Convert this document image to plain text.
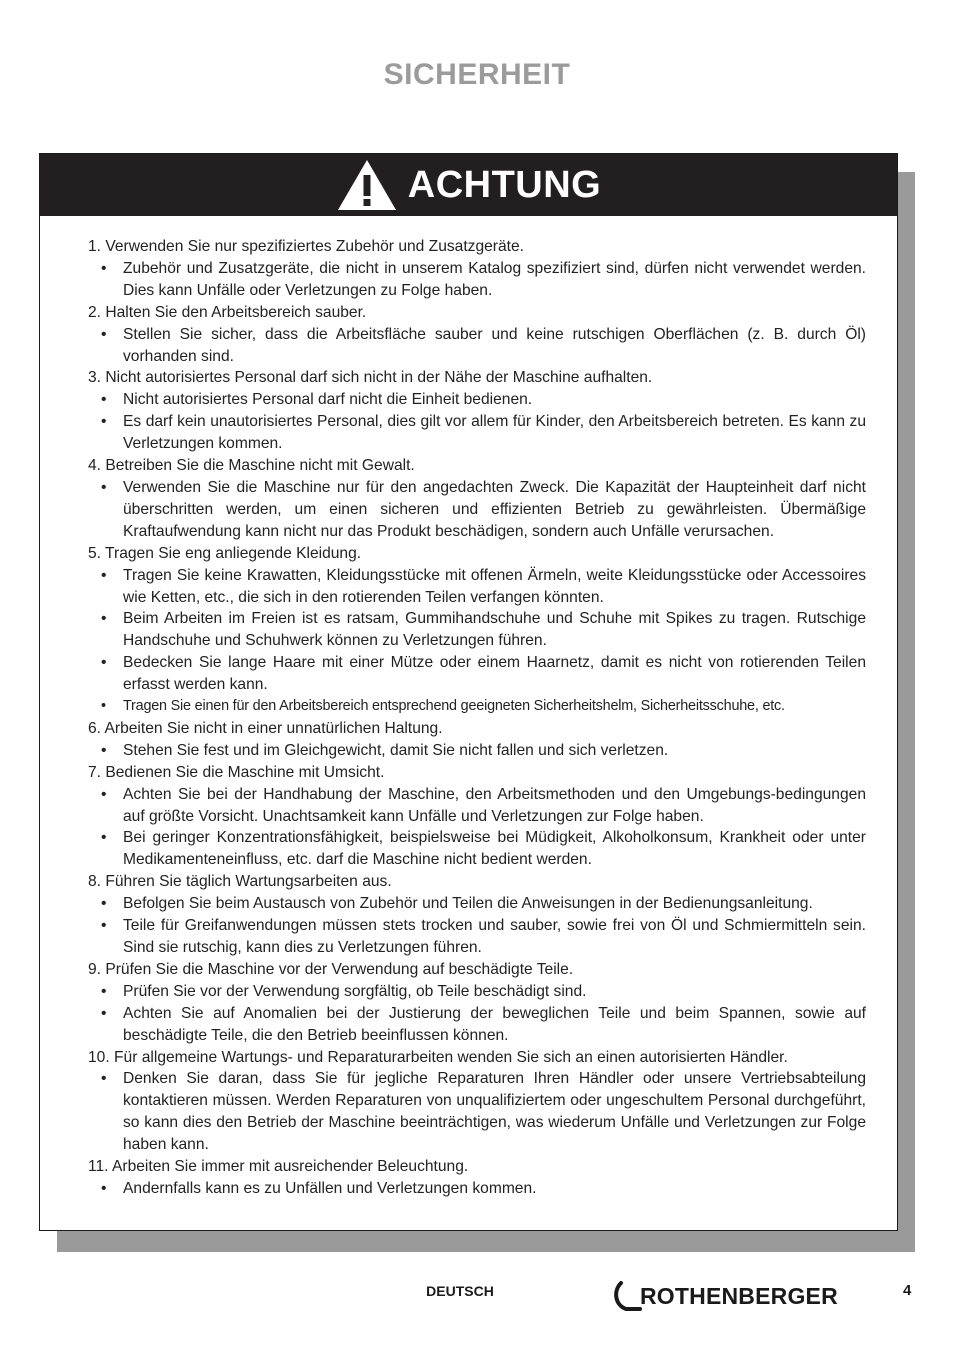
SICHERHEIT
ACHTUNG
1. Verwenden Sie nur spezifiziertes Zubehör und Zusatzgeräte.
• Zubehör und Zusatzgeräte, die nicht in unserem Katalog spezifiziert sind, dürfen nicht verwendet werden. Dies kann Unfälle oder Verletzungen zu Folge haben.
2. Halten Sie den Arbeitsbereich sauber.
• Stellen Sie sicher, dass die Arbeitsfläche sauber und keine rutschigen Oberflächen (z. B. durch Öl) vorhanden sind.
3. Nicht autorisiertes Personal darf sich nicht in der Nähe der Maschine aufhalten.
• Nicht autorisiertes Personal darf nicht die Einheit bedienen.
• Es darf kein unautorisiertes Personal, dies gilt vor allem für Kinder, den Arbeitsbereich betreten. Es kann zu Verletzungen kommen.
4. Betreiben Sie die Maschine nicht mit Gewalt.
• Verwenden Sie die Maschine nur für den angedachten Zweck. Die Kapazität der Haupteinheit darf nicht überschritten werden, um einen sicheren und effizienten Betrieb zu gewährleisten. Übermäßige Kraftaufwendung kann nicht nur das Produkt beschädigen, sondern auch Unfälle verursachen.
5. Tragen Sie eng anliegende Kleidung.
• Tragen Sie keine Krawatten, Kleidungsstücke mit offenen Ärmeln, weite Kleidungsstücke oder Accessoires wie Ketten, etc., die sich in den rotierenden Teilen verfangen könnten.
• Beim Arbeiten im Freien ist es ratsam, Gummihandschuhe und Schuhe mit Spikes zu tragen. Rutschige Handschuhe und Schuhwerk können zu Verletzungen führen.
• Bedecken Sie lange Haare mit einer Mütze oder einem Haarnetz, damit es nicht von rotierenden Teilen erfasst werden kann.
• Tragen Sie einen für den Arbeitsbereich entsprechend geeigneten Sicherheitshelm, Sicherheitsschuhe, etc.
6. Arbeiten Sie nicht in einer unnatürlichen Haltung.
• Stehen Sie fest und im Gleichgewicht, damit Sie nicht fallen und sich verletzen.
7. Bedienen Sie die Maschine mit Umsicht.
• Achten Sie bei der Handhabung der Maschine, den Arbeitsmethoden und den Umgebungs-bedingungen auf größte Vorsicht. Unachtsamkeit kann Unfälle und Verletzungen zur Folge haben.
• Bei geringer Konzentrationsfähigkeit, beispielsweise bei Müdigkeit, Alkoholkonsum, Krankheit oder unter Medikamenteneinfluss, etc. darf die Maschine nicht bedient werden.
8. Führen Sie täglich Wartungsarbeiten aus.
• Befolgen Sie beim Austausch von Zubehör und Teilen die Anweisungen in der Bedienungsanleitung.
• Teile für Greifanwendungen müssen stets trocken und sauber, sowie frei von Öl und Schmiermitteln sein. Sind sie rutschig, kann dies zu Verletzungen führen.
9. Prüfen Sie die Maschine vor der Verwendung auf beschädigte Teile.
• Prüfen Sie vor der Verwendung sorgfältig, ob Teile beschädigt sind.
• Achten Sie auf Anomalien bei der Justierung der beweglichen Teile und beim Spannen, sowie auf beschädigte Teile, die den Betrieb beeinflussen können.
10. Für allgemeine Wartungs- und Reparaturarbeiten wenden Sie sich an einen autorisierten Händler.
• Denken Sie daran, dass Sie für jegliche Reparaturen Ihren Händler oder unsere Vertriebsabteilung kontaktieren müssen. Werden Reparaturen von unqualifiziertem oder ungeschultem Personal durchgeführt, so kann dies den Betrieb der Maschine beeinträchtigen, was wiederum Unfälle und Verletzungen zur Folge haben kann.
11. Arbeiten Sie immer mit ausreichender Beleuchtung.
• Andernfalls kann es zu Unfällen und Verletzungen kommen.
DEUTSCH	ROTHENBERGER	4
